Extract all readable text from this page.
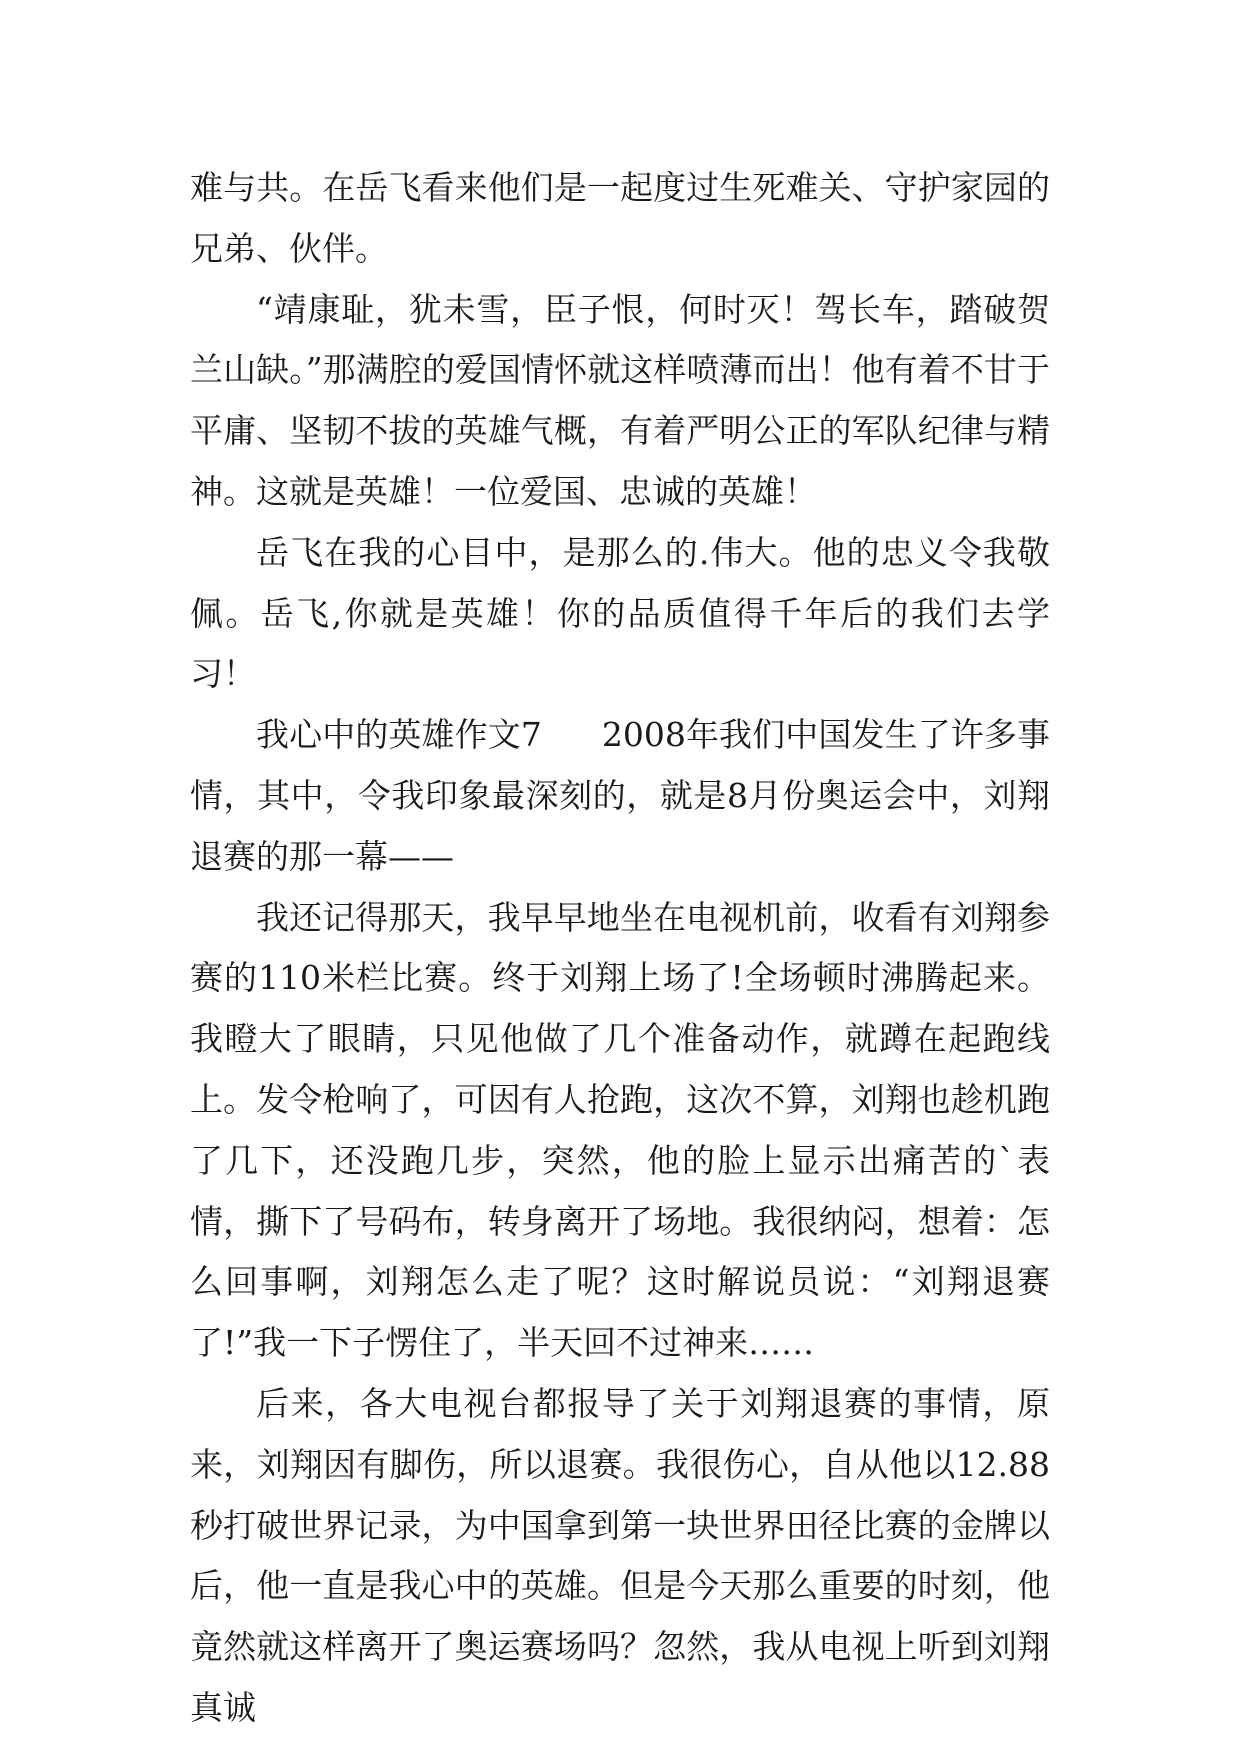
难与共。在岳飞看来他们是一起度过生死难关、守护家园的兄弟、伙伴。

“靖康耻，犹未雪，臣子恨，何时灭！驾长车，踏破贺兰山缺。”那满腔的爱国情怀就这样喷薄而出！他有着不甘于平庸、坚韧不拔的英雄气概，有着严明公正的军队纪律与精神。这就是英雄！一位爱国、忠诚的英雄！

岳飞在我的心目中，是那么的.伟大。他的忠义令我敬佩。岳飞,你就是英雄！你的品质值得千年后的我们去学习！

我心中的英雄作文7 2008年我们中国发生了许多事情，其中，令我印象最深刻的，就是8月份奥运会中，刘翔退赛的那一幕——

我还记得那天，我早早地坐在电视机前，收看有刘翔参赛的110米栏比赛。终于刘翔上场了!全场顿时沸腾起来。我瞪大了眼睛，只见他做了几个准备动作，就蹲在起跑线上。发令枪响了，可因有人抢跑，这次不算，刘翔也趁机跑了几下，还没跑几步，突然，他的脸上显示出痛苦的`表情，撕下了号码布，转身离开了场地。我很纳闷，想着：怎么回事啊，刘翔怎么走了呢？这时解说员说：“刘翔退赛了!”我一下子愣住了，半天回不过神来……

后来，各大电视台都报导了关于刘翔退赛的事情，原来，刘翔因有脚伤，所以退赛。我很伤心，自从他以12.88秒打破世界记录，为中国拿到第一块世界田径比赛的金牌以后，他一直是我心中的英雄。但是今天那么重要的时刻，他竟然就这样离开了奥运赛场吗？忽然，我从电视上听到刘翔真诚
